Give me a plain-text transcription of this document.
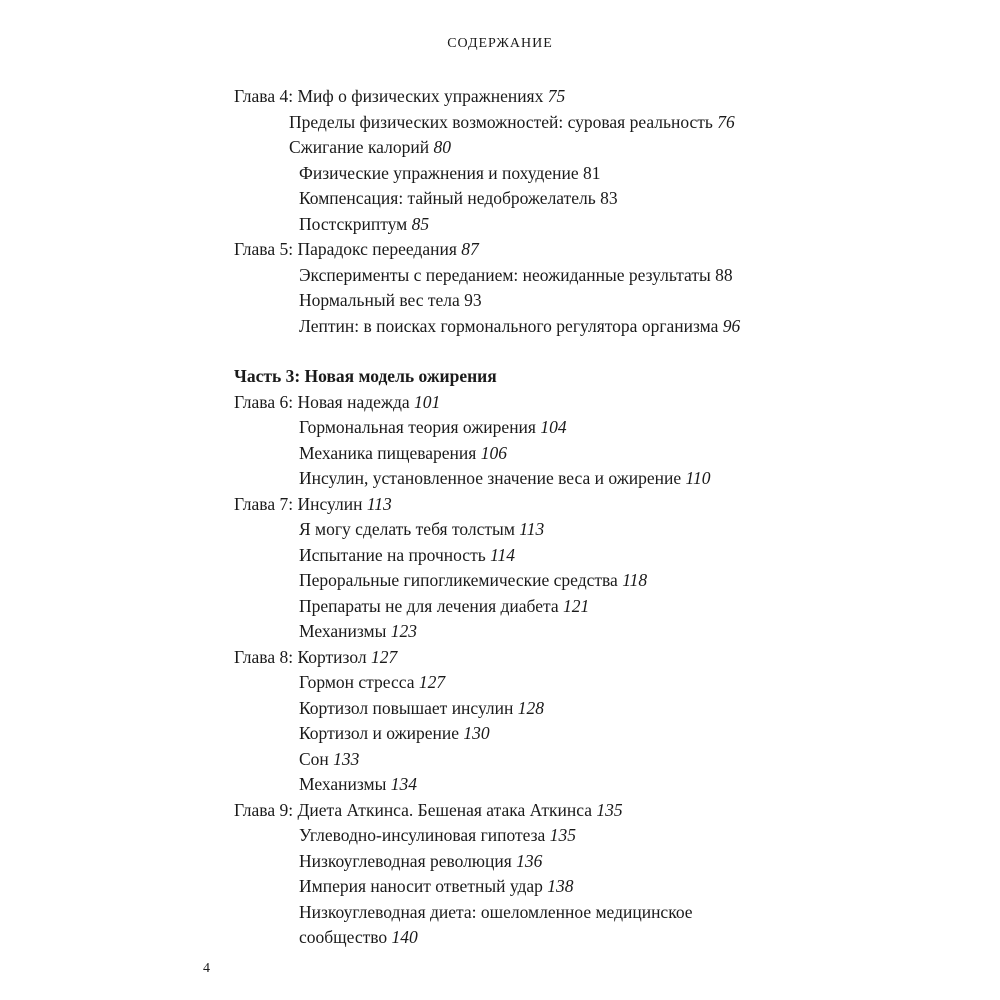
СОДЕРЖАНИЕ
Глава 4: Миф о физических упражнениях 75
Пределы физических возможностей: суровая реальность 76
Сжигание калорий 80
Физические упражнения и похудение 81
Компенсация: тайный недоброжелатель 83
Постскриптум 85
Глава 5: Парадокс переедания 87
Эксперименты с переданием: неожиданные результаты 88
Нормальный вес тела 93
Лептин: в поисках гормонального регулятора организма 96
Часть 3: Новая модель ожирения
Глава 6: Новая надежда 101
Гормональная теория ожирения 104
Механика пищеварения 106
Инсулин, установленное значение веса и ожирение 110
Глава 7: Инсулин 113
Я могу сделать тебя толстым 113
Испытание на прочность 114
Пероральные гипогликемические средства 118
Препараты не для лечения диабета 121
Механизмы 123
Глава 8: Кортизол 127
Гормон стресса 127
Кортизол повышает инсулин 128
Кортизол и ожирение 130
Сон 133
Механизмы 134
Глава 9: Диета Аткинса. Бешеная атака Аткинса 135
Углеводно-инсулиновая гипотеза 135
Низкоуглеводная революция 136
Империя наносит ответный удар 138
Низкоуглеводная диета: ошеломленное медицинское
сообщество 140
4
